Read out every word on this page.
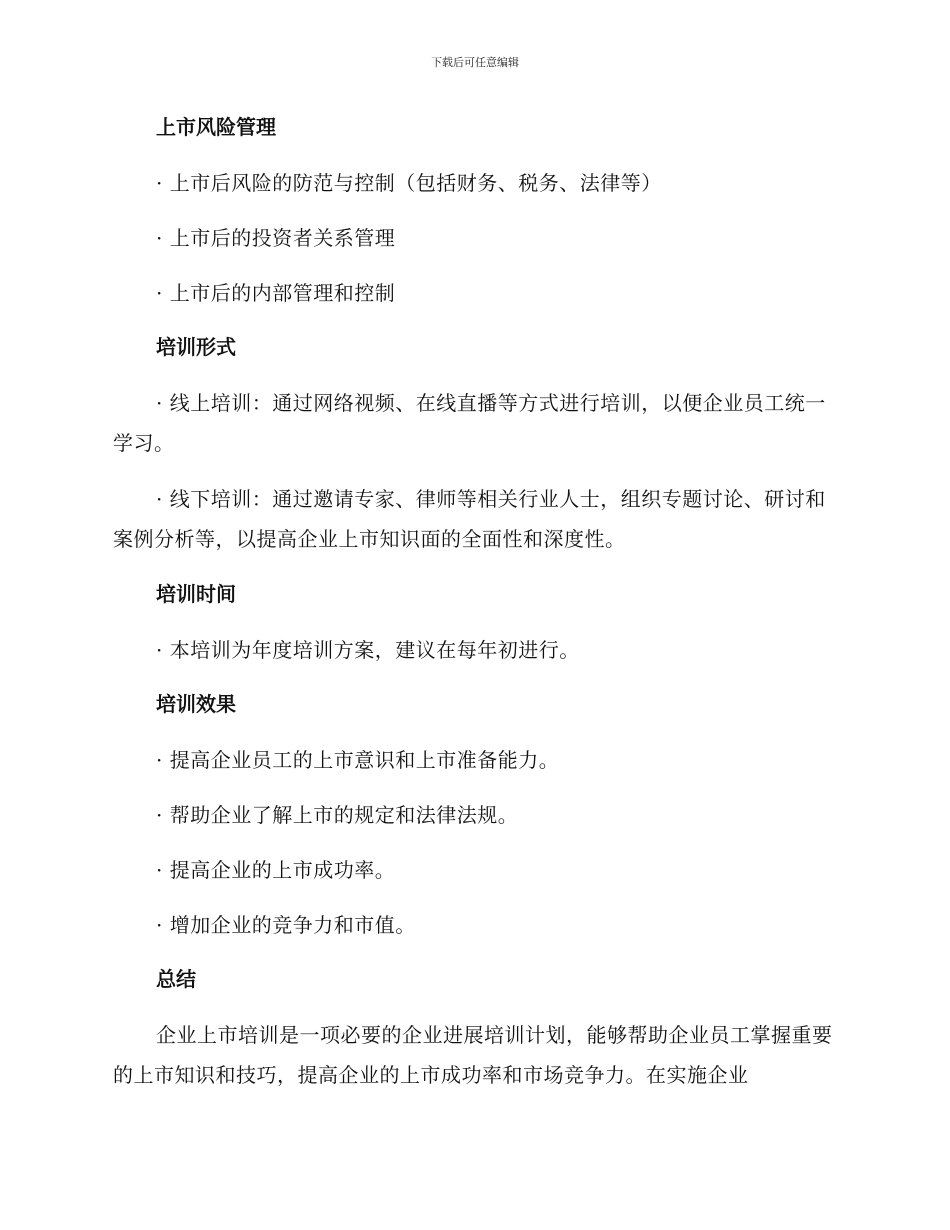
下载后可任意编辑
上市风险管理
· 上市后风险的防范与控制（包括财务、税务、法律等）
· 上市后的投资者关系管理
· 上市后的内部管理和控制
培训形式
· 线上培训：通过网络视频、在线直播等方式进行培训，以便企业员工统一学习。
· 线下培训：通过邀请专家、律师等相关行业人士，组织专题讨论、研讨和案例分析等，以提高企业上市知识面的全面性和深度性。
培训时间
· 本培训为年度培训方案，建议在每年初进行。
培训效果
· 提高企业员工的上市意识和上市准备能力。
· 帮助企业了解上市的规定和法律法规。
· 提高企业的上市成功率。
· 增加企业的竞争力和市值。
总结
企业上市培训是一项必要的企业进展培训计划，能够帮助企业员工掌握重要的上市知识和技巧，提高企业的上市成功率和市场竞争力。在实施企业
